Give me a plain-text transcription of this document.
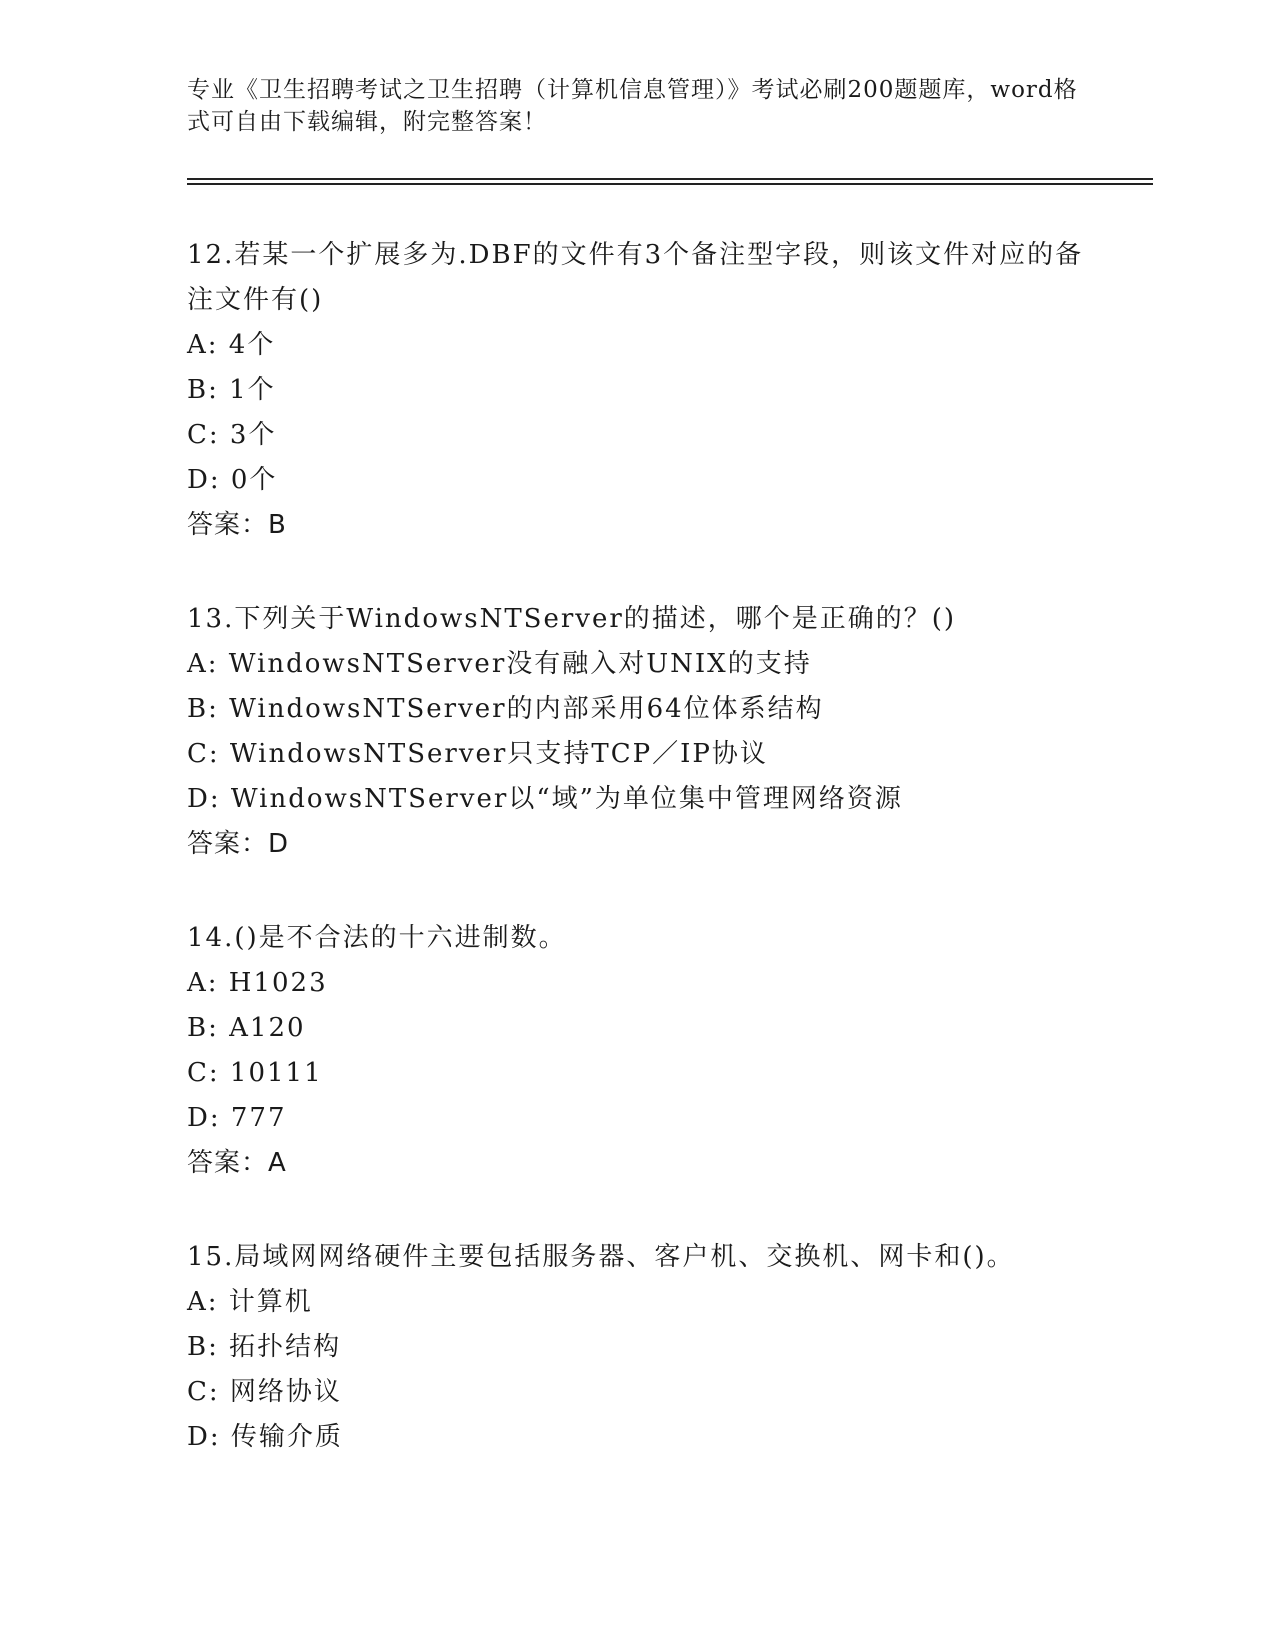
专业《卫生招聘考试之卫生招聘（计算机信息管理）》考试必刷200题题库，word格式可自由下载编辑，附完整答案！
12.若某一个扩展多为.DBF的文件有3个备注型字段，则该文件对应的备注文件有()
A: 4个
B: 1个
C: 3个
D: 0个
答案：B
13.下列关于WindowsNTServer的描述，哪个是正确的？()
A: WindowsNTServer没有融入对UNIX的支持
B: WindowsNTServer的内部采用64位体系结构
C: WindowsNTServer只支持TCP／IP协议
D: WindowsNTServer以“域”为单位集中管理网络资源
答案：D
14.()是不合法的十六进制数。
A: H1023
B: A120
C: 10111
D: 777
答案：A
15.局域网网络硬件主要包括服务器、客户机、交换机、网卡和()。
A: 计算机
B: 拓扑结构
C: 网络协议
D: 传输介质
